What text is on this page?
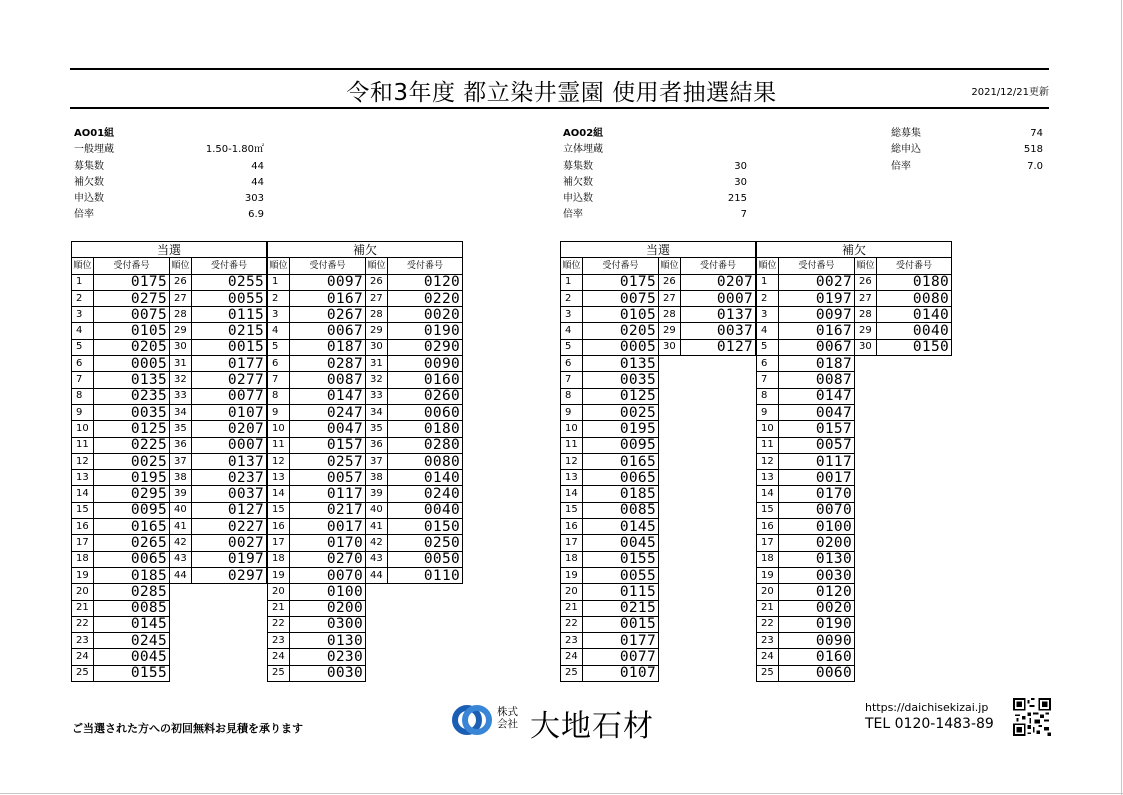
令和3年度 都立染井霊園 使用者抽選結果	2021/12/21更新
AO01組
一般埋蔵	1.50-1.80㎡
募集数	44
補欠数	44
申込数	303
倍率	6.9
AO02組
立体埋蔵
募集数	30
補欠数	30
申込数	215
倍率	7
総募集	74
総申込	518
倍率	7.0
当選			
順位	受付番号	順位	受付番号
1	0175	26	0255
2	0275	27	0055
3	0075	28	0115
4	0105	29	0215
5	0205	30	0015
6	0005	31	0177
7	0135	32	0277
8	0235	33	0077
9	0035	34	0107
10	0125	35	0207
11	0225	36	0007
12	0025	37	0137
13	0195	38	0237
14	0295	39	0037
15	0095	40	0127
16	0165	41	0227
17	0265	42	0027
18	0065	43	0197
19	0185	44	0297
20	0285		
21	0085		
22	0145		
23	0245		
24	0045		
25	0155		
補欠			
順位	受付番号	順位	受付番号
1	0097	26	0120
2	0167	27	0220
3	0267	28	0020
4	0067	29	0190
5	0187	30	0290
6	0287	31	0090
7	0087	32	0160
8	0147	33	0260
9	0247	34	0060
10	0047	35	0180
11	0157	36	0280
12	0257	37	0080
13	0057	38	0140
14	0117	39	0240
15	0217	40	0040
16	0017	41	0150
17	0170	42	0250
18	0270	43	0050
19	0070	44	0110
20	0100		
21	0200		
22	0300		
23	0130		
24	0230		
25	0030		
当選			
順位	受付番号	順位	受付番号
1	0175	26	0207
2	0075	27	0007
3	0105	28	0137
4	0205	29	0037
5	0005	30	0127
6	0135		
7	0035		
8	0125		
9	0025		
10	0195		
11	0095		
12	0165		
13	0065		
14	0185		
15	0085		
16	0145		
17	0045		
18	0155		
19	0055		
20	0115		
21	0215		
22	0015		
23	0177		
24	0077		
25	0107		
補欠			
順位	受付番号	順位	受付番号
1	0027	26	0180
2	0197	27	0080
3	0097	28	0140
4	0167	29	0040
5	0067	30	0150
6	0187		
7	0087		
8	0147		
9	0047		
10	0157		
11	0057		
12	0117		
13	0017		
14	0170		
15	0070		
16	0100		
17	0200		
18	0130		
19	0030		
20	0120		
21	0020		
22	0190		
23	0090		
24	0160		
25	0060		
ご当選された方への初回無料お見積を承ります
株式会社 大地石材
https://daichisekizai.jp
TEL 0120-1483-89
